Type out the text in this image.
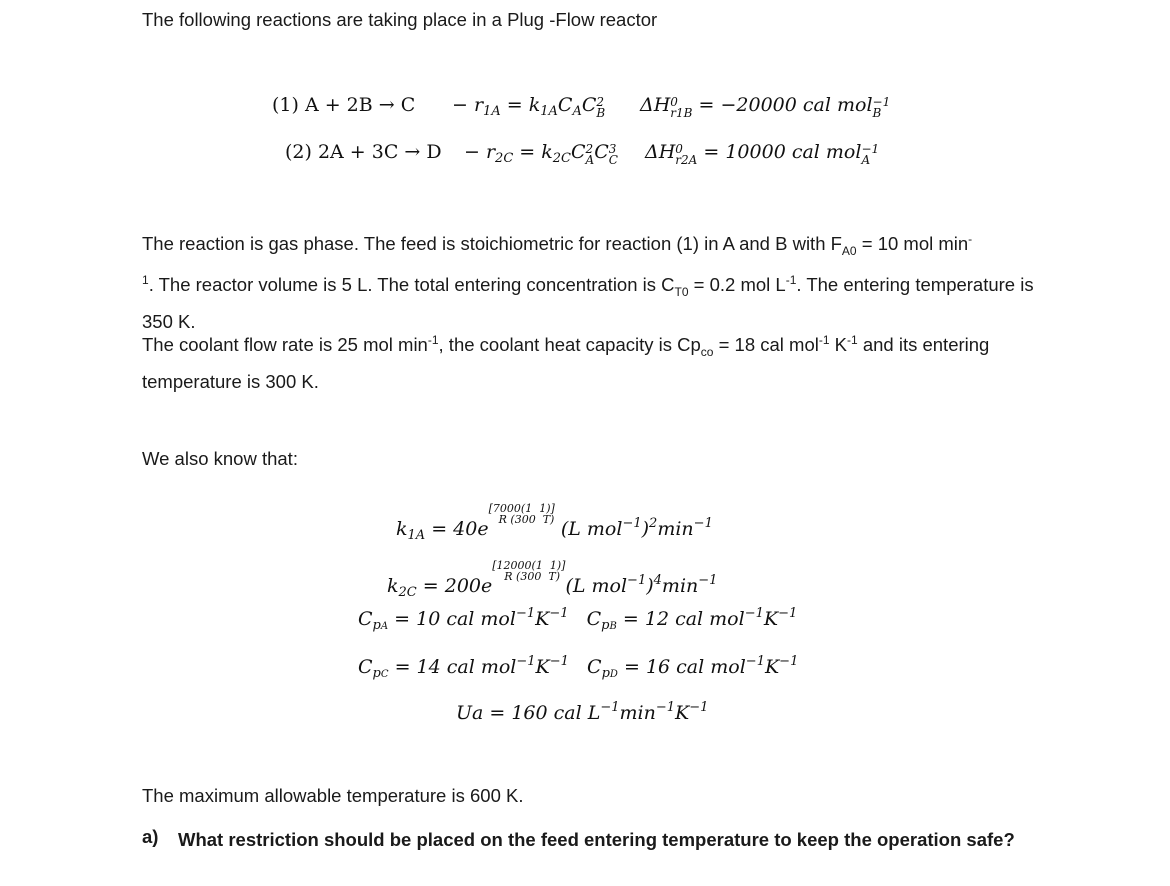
The following reactions are taking place in a Plug -Flow reactor
(1) $A + 2B \to C - r_{1A} = k_{1A}C_AC$ 2
B ΔH 0
r1B = −20000 cal mol −1
B
(2) $2A + 3C \to D - r_{2C} = k_{2C}C$ 2
A C 3
C ΔH 0
r2A = 10000 cal mol −1
A
The reaction is gas phase. The feed is stoichiometric for reaction (1) in A and B with $F_{A0} = 10$ mol min-
$^1$. The reactor volume is 5 L. The total entering concentration is $C_{T0} = 0.2$ mol $L^{-1}$. The entering temperature is 350 K.
The coolant flow rate is 25 mol $\min^{-1}$, the coolant heat capacity is $Cp_{co} = 18$ cal mol$^{-1}$ $K^{-1}$ and its entering temperature is 300 K.
We also know that:
$k_{1A} = 40e[7000(1$ 1)]
R (300 T) (L $mol^{-1})^2\min^{-1}$
$k_{2C} = 200e[12000(1$ 1)]
R (300 T) (L $mol^{-1})^4\min^{-1}$
$C_{pA} = 10$ cal $mol^{-1}K^{-1}$ $C_{pB} = 12$ cal $mol^{-1}K^{-1}$
$C_{pC} = 14$ cal $mol^{-1}K^{-1}$ $C_{pD} = 16$ cal $mol^{-1}K^{-1}$
Ua = 160 cal $L^{-1}\min^{-1}K^{-1}$
The maximum allowable temperature is 600 K.
a) What restriction should be placed on the feed entering temperature to keep the operation safe?
